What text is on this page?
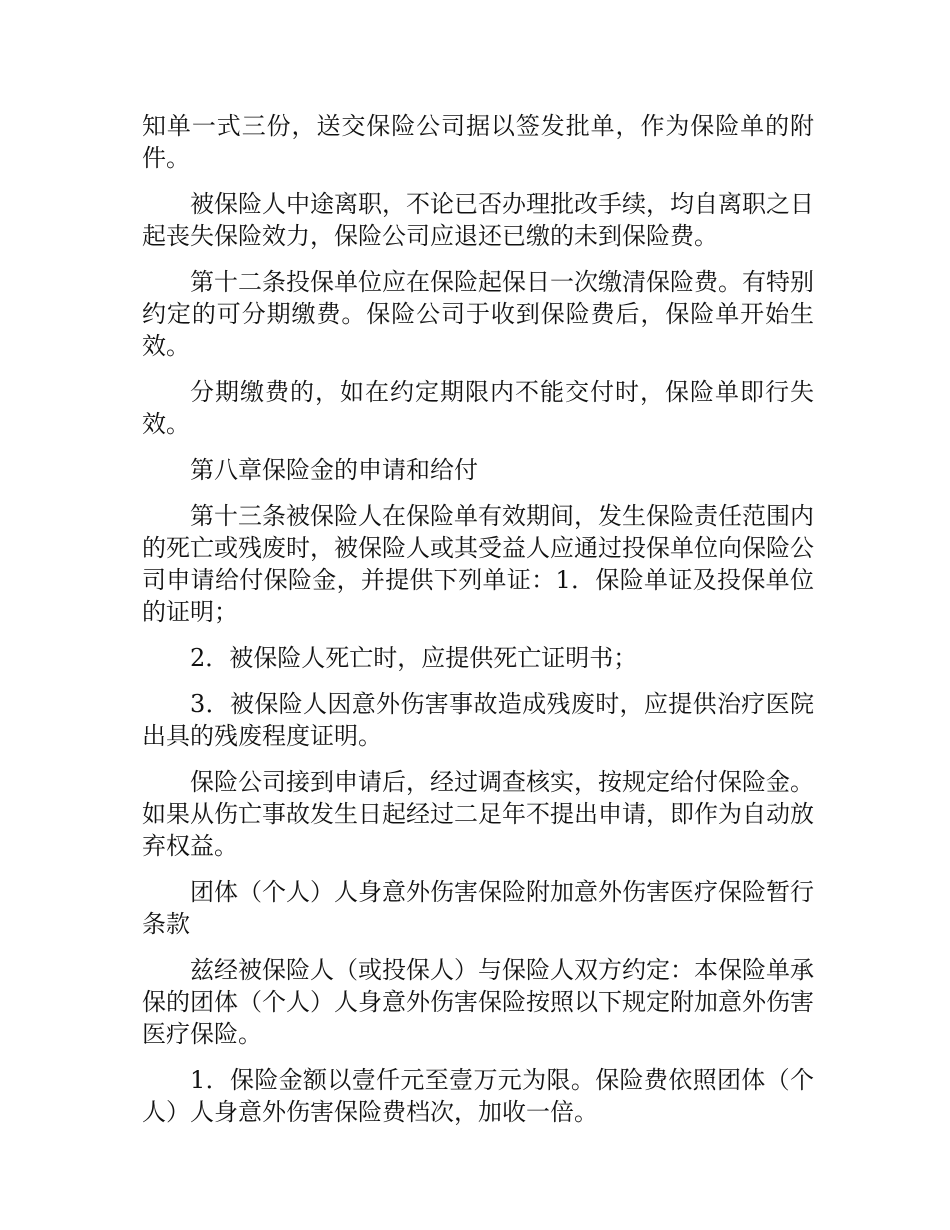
知单一式三份，送交保险公司据以签发批单，作为保险单的附件。

被保险人中途离职，不论已否办理批改手续，均自离职之日起丧失保险效力，保险公司应退还已缴的未到保险费。

第十二条投保单位应在保险起保日一次缴清保险费。有特别约定的可分期缴费。保险公司于收到保险费后，保险单开始生效。

分期缴费的，如在约定期限内不能交付时，保险单即行失效。

第八章保险金的申请和给付

第十三条被保险人在保险单有效期间，发生保险责任范围内的死亡或残废时，被保险人或其受益人应通过投保单位向保险公司申请给付保险金，并提供下列单证：1．保险单证及投保单位的证明；

2．被保险人死亡时，应提供死亡证明书；

3．被保险人因意外伤害事故造成残废时，应提供治疗医院出具的残废程度证明。

保险公司接到申请后，经过调查核实，按规定给付保险金。如果从伤亡事故发生日起经过二足年不提出申请，即作为自动放弃权益。

团体（个人）人身意外伤害保险附加意外伤害医疗保险暂行条款

兹经被保险人（或投保人）与保险人双方约定：本保险单承保的团体（个人）人身意外伤害保险按照以下规定附加意外伤害医疗保险。

1．保险金额以壹仟元至壹万元为限。保险费依照团体（个人）人身意外伤害保险费档次，加收一倍。
